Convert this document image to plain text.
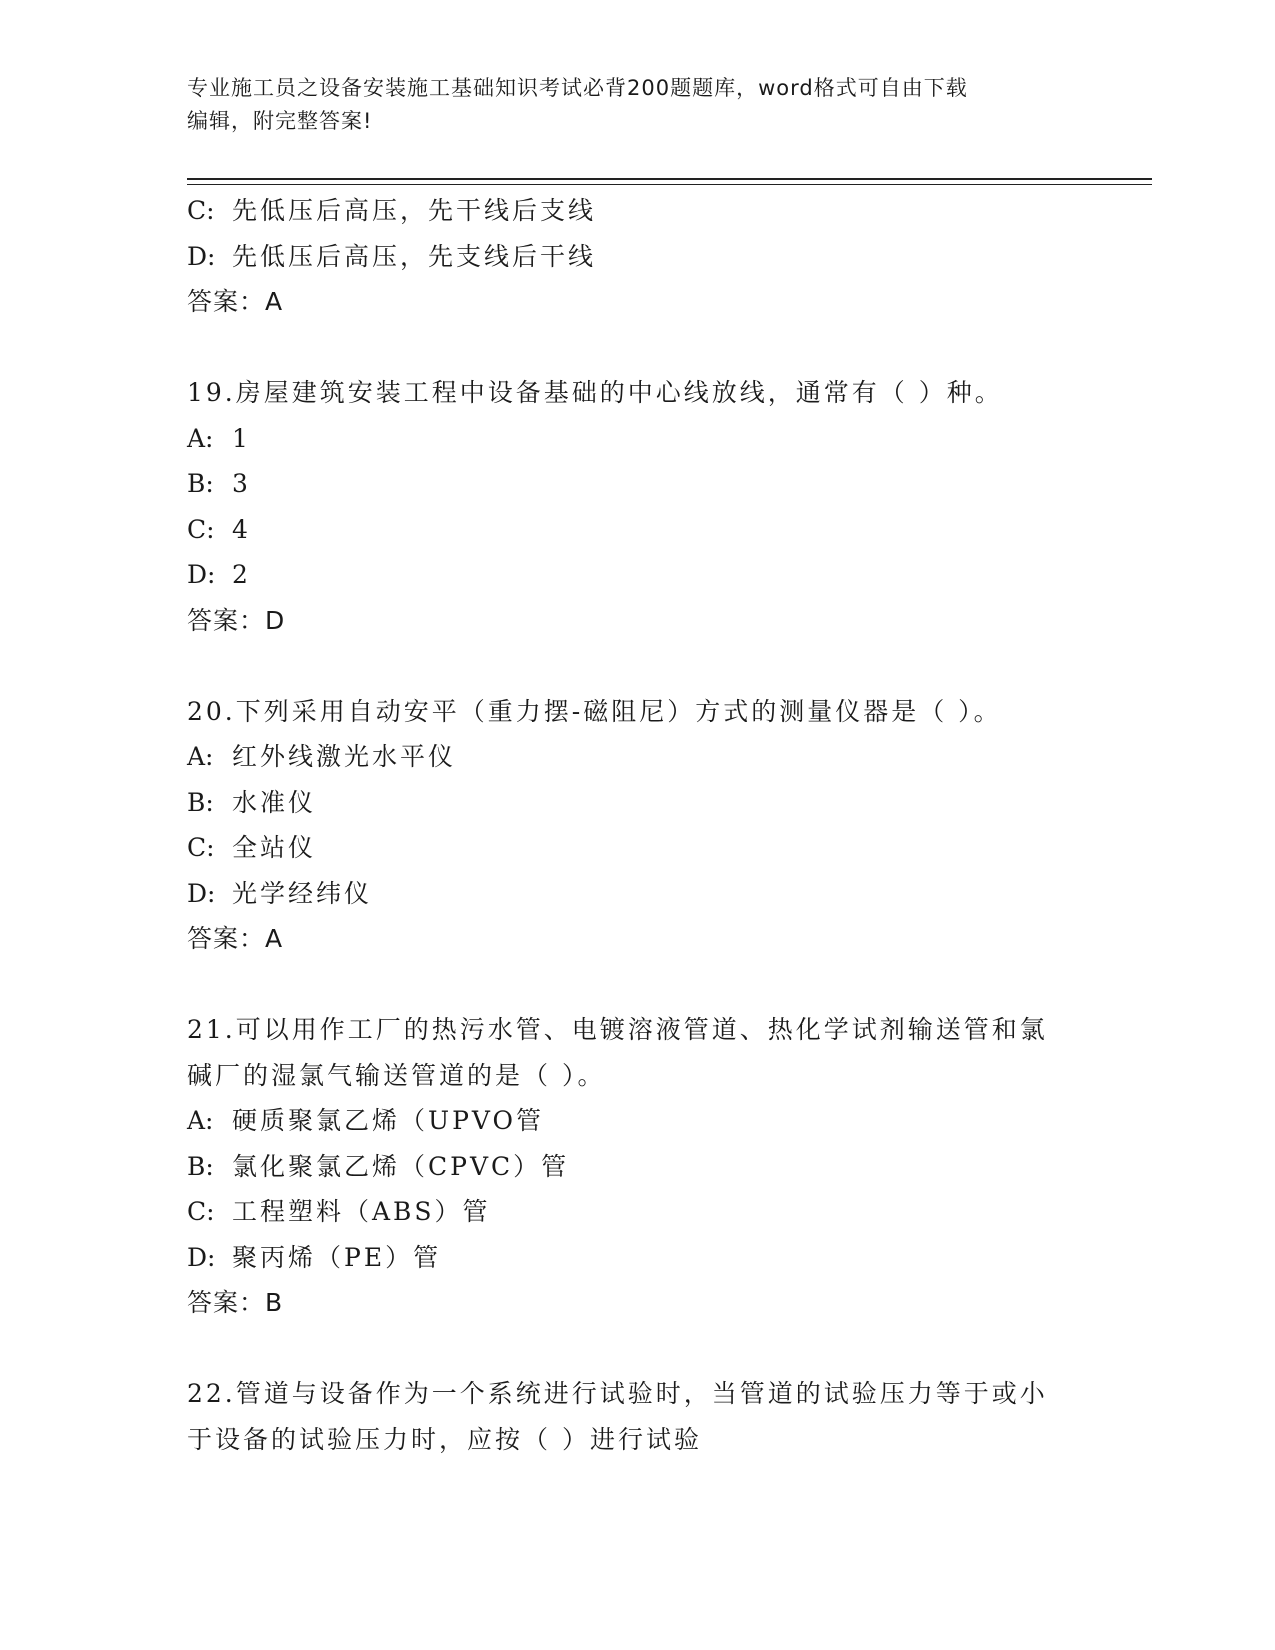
专业施工员之设备安装施工基础知识考试必背200题题库，word格式可自由下载
编辑，附完整答案!
C: 先低压后高压，先干线后支线
D: 先低压后高压，先支线后干线
答案：A
19.房屋建筑安装工程中设备基础的中心线放线，通常有（ ）种。
A: 1
B: 3
C: 4
D: 2
答案：D
20.下列采用自动安平（重力摆-磁阻尼）方式的测量仪器是（ ）。
A: 红外线激光水平仪
B: 水准仪
C: 全站仪
D: 光学经纬仪
答案：A
21.可以用作工厂的热污水管、电镀溶液管道、热化学试剂输送管和氯
碱厂的湿氯气输送管道的是（ ）。
A: 硬质聚氯乙烯（UPVO管
B: 氯化聚氯乙烯（CPVC）管
C: 工程塑料（ABS）管
D: 聚丙烯（PE）管
答案：B
22.管道与设备作为一个系统进行试验时，当管道的试验压力等于或小
于设备的试验压力时，应按（ ）进行试验
